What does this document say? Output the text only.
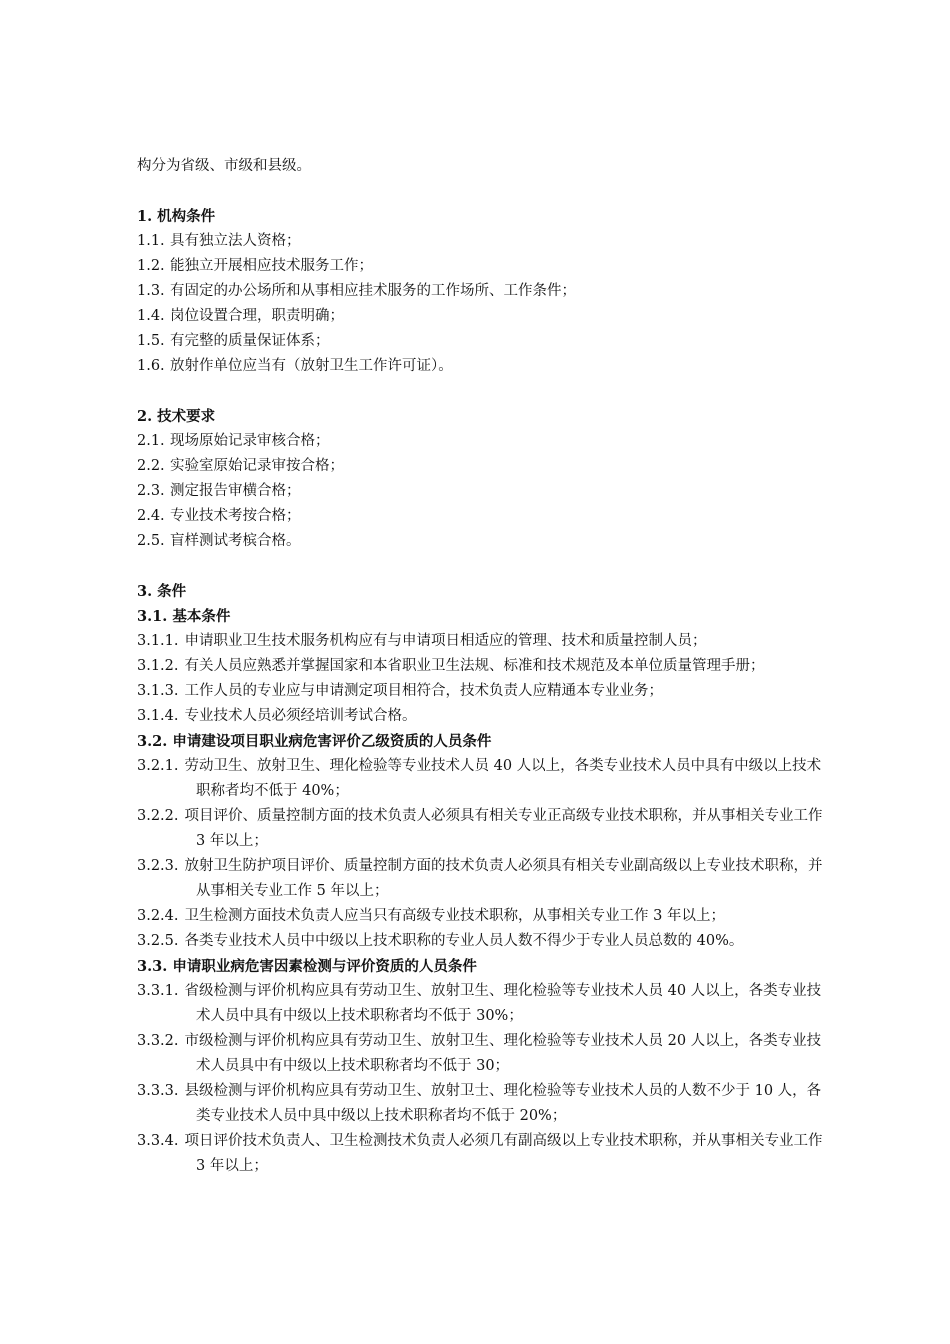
构分为省级、市级和县级。
1. 机构条件
1.1. 具有独立法人资格；
1.2. 能独立开展相应技术服务工作；
1.3. 有固定的办公场所和从事相应挂术服务的工作场所、工作条件；
1.4. 岗位设置合理，职责明确；
1.5. 有完整的质量保证体系；
1.6. 放射作单位应当有（放射卫生工作许可证）。
2. 技术要求
2.1. 现场原始记录审核合格；
2.2. 实验室原始记录审按合格；
2.3. 测定报告审横合格；
2.4. 专业技术考按合格；
2.5. 盲样测试考槟合格。
3. 条件
3.1. 基本条件
3.1.1. 申请职业卫生技术服务机构应有与申请项日相适应的管理、技术和质量控制人员；
3.1.2. 有关人员应熟悉并掌握国家和本省职业卫生法规、标准和技术规范及本单位质量管理手册；
3.1.3. 工作人员的专业应与申请测定项目相符合，技术负责人应精通本专业业务；
3.1.4. 专业技术人员必须经培训考试合格。
3.2. 申请建设项目职业病危害评价乙级资质的人员条件
3.2.1. 劳动卫生、放射卫生、理化检验等专业技术人员 40 人以上，各类专业技术人员中具有中级以上技术职称者均不低于 40%；
3.2.2. 项目评价、质量控制方面的技术负责人必须具有相关专业正高级专业技术职称，并从事相关专业工作 3 年以上；
3.2.3. 放射卫生防护项目评价、质量控制方面的技术负责人必须具有相关专业副高级以上专业技术职称，并从事相关专业工作 5 年以上；
3.2.4. 卫生检测方面技术负责人应当只有高级专业技术职称，从事相关专业工作 3 年以上；
3.2.5. 各类专业技术人员中中级以上技术职称的专业人员人数不得少于专业人员总数的 40%。
3.3. 申请职业病危害因素检测与评价资质的人员条件
3.3.1. 省级检测与评价机构应具有劳动卫生、放射卫生、理化检验等专业技术人员 40 人以上，各类专业技术人员中具有中级以上技术职称者均不低于 30%；
3.3.2. 市级检测与评价机构应具有劳动卫生、放射卫生、理化检验等专业技术人员 20 人以上，各类专业技术人员具中有中级以上技术职称者均不低于 30；
3.3.3. 县级检测与评价机构应具有劳动卫生、放射卫士、理化检验等专业技术人员的人数不少于 10 人，各类专业技术人员中具中级以上技术职称者均不低于 20%；
3.3.4. 项日评价技术负责人、卫生检测技术负责人必须几有副高级以上专业技术职称，并从事相关专业工作 3 年以上；
